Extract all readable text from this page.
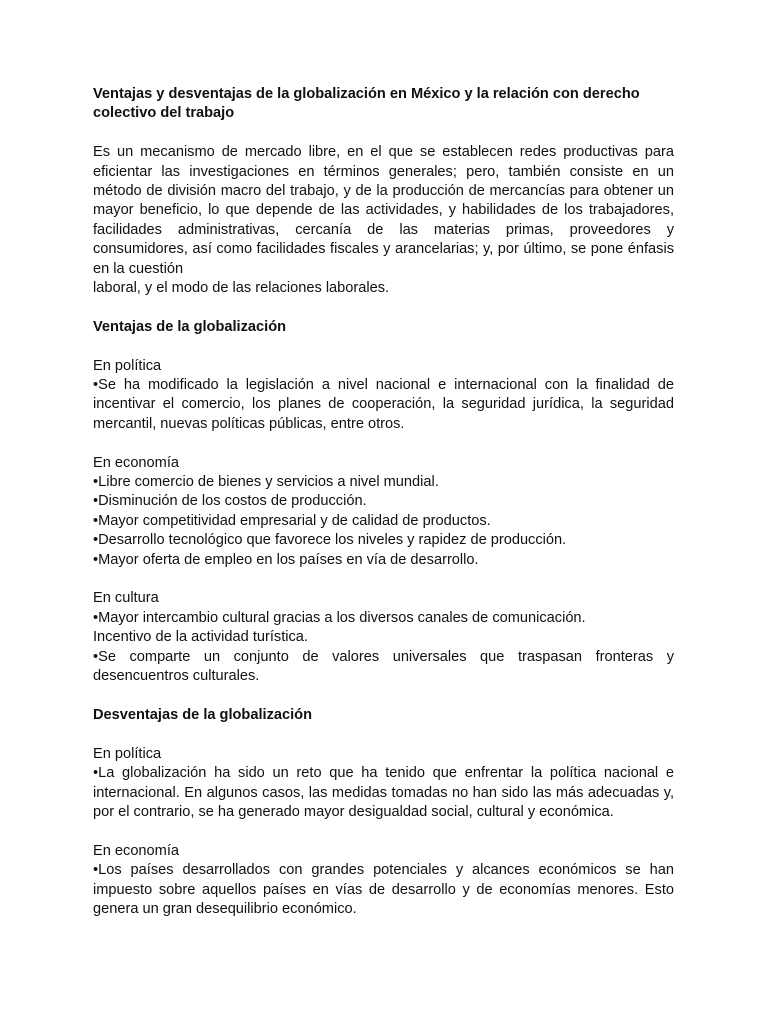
Ventajas y desventajas de la globalización en México y la relación con derecho colectivo del trabajo

Es un mecanismo de mercado libre, en el que se establecen redes productivas para eficientar las investigaciones en términos generales; pero, también consiste en un método de división macro del trabajo, y de la producción de mercancías para obtener un mayor beneficio, lo que depende de las actividades, y habilidades de los trabajadores, facilidades administrativas, cercanía de las materias primas, proveedores y consumidores, así como facilidades fiscales y arancelarias; y, por último, se pone énfasis en la cuestión

laboral, y el modo de las relaciones laborales.

Ventajas de la globalización

En política

•Se ha modificado la legislación a nivel nacional e internacional con la finalidad de incentivar el comercio, los planes de cooperación, la seguridad jurídica, la seguridad mercantil, nuevas políticas públicas, entre otros.

En economía

•Libre comercio de bienes y servicios a nivel mundial.

•Disminución de los costos de producción.

•Mayor competitividad empresarial y de calidad de productos.

•Desarrollo tecnológico que favorece los niveles y rapidez de producción.

•Mayor oferta de empleo en los países en vía de desarrollo.

En cultura

•Mayor intercambio cultural gracias a los diversos canales de comunicación.

Incentivo de la actividad turística.

•Se comparte un conjunto de valores universales que traspasan fronteras y desencuentros culturales.

Desventajas de la globalización

En política

•La globalización ha sido un reto que ha tenido que enfrentar la política nacional e internacional. En algunos casos, las medidas tomadas no han sido las más adecuadas y, por el contrario, se ha generado mayor desigualdad social, cultural y económica.

En economía

•Los países desarrollados con grandes potenciales y alcances económicos se han impuesto sobre aquellos países en vías de desarrollo y de economías menores. Esto genera un gran desequilibrio económico.
